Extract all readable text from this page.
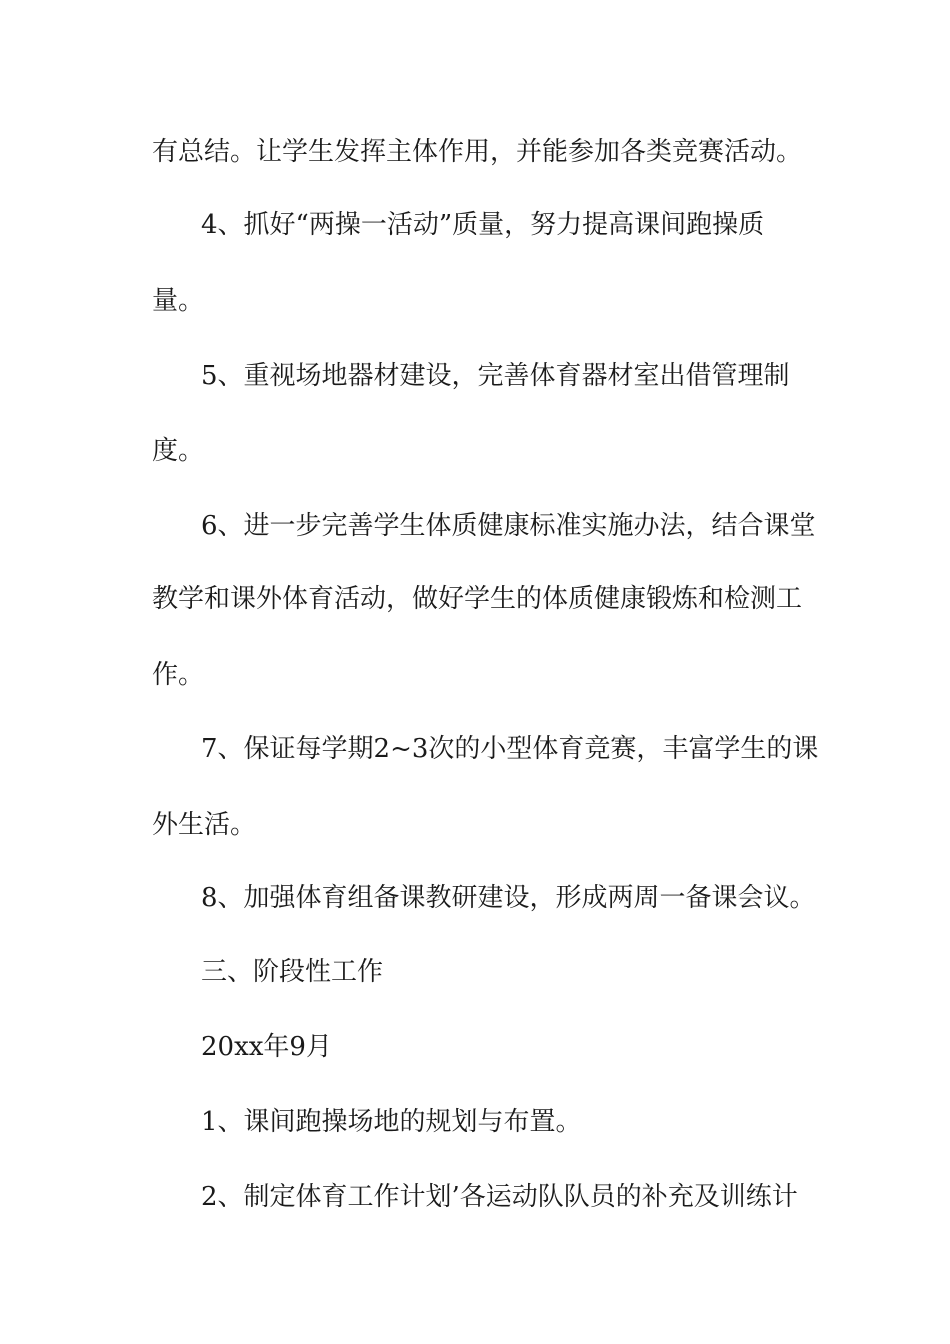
有总结。让学生发挥主体作用，并能参加各类竞赛活动。
4、抓好“两操一活动”质量，努力提高课间跑操质
量。
5、重视场地器材建设，完善体育器材室出借管理制
度。
6、进一步完善学生体质健康标准实施办法，结合课堂
教学和课外体育活动，做好学生的体质健康锻炼和检测工
作。
7、保证每学期2~3次的小型体育竞赛，丰富学生的课
外生活。
8、加强体育组备课教研建设，形成两周一备课会议。
三、阶段性工作
20xx年9月
1、课间跑操场地的规划与布置。
2、制定体育工作计划’各运动队队员的补充及训练计
